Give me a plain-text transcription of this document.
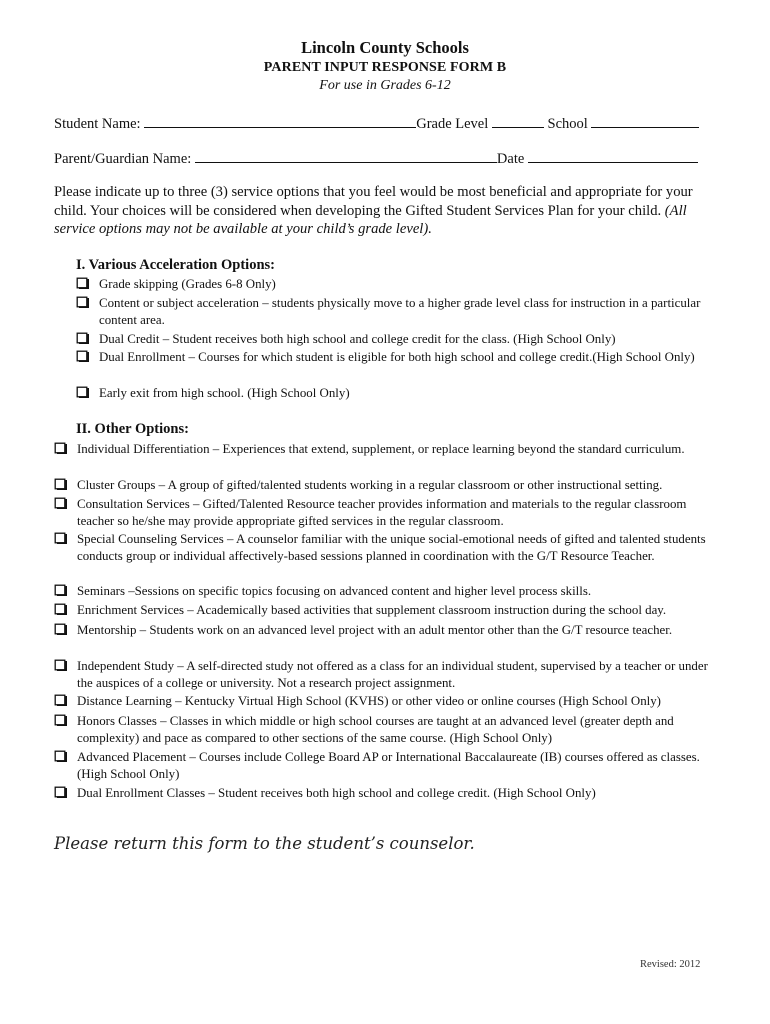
Lincoln County Schools
PARENT INPUT RESPONSE FORM B
For use in Grades 6-12
Student Name:	Grade Level	School
Parent/Guardian Name:	Date
Please indicate up to three (3) service options that you feel would be most beneficial and appropriate for your child. Your choices will be considered when developing the Gifted Student Services Plan for your child. (All service options may not be available at your child’s grade level).
I. Various Acceleration Options:
Grade skipping (Grades 6-8 Only)
Content or subject acceleration – students physically move to a higher grade level class for instruction in a particular content area.
Dual Credit – Student receives both high school and college credit for the class. (High School Only)
Dual Enrollment – Courses for which student is eligible for both high school and college credit.(High School Only)
Early exit from high school. (High School Only)
II. Other Options:
Individual Differentiation – Experiences that extend, supplement, or replace learning beyond the standard curriculum.
Cluster Groups – A group of gifted/talented students working in a regular classroom or other instructional setting.
Consultation Services – Gifted/Talented Resource teacher provides information and materials to the regular classroom teacher so he/she may provide appropriate gifted services in the regular classroom.
Special Counseling Services – A counselor familiar with the unique social-emotional needs of gifted and talented students conducts group or individual affectively-based sessions planned in coordination with the G/T Resource Teacher.
Seminars –Sessions on specific topics focusing on advanced content and higher level process skills.
Enrichment Services – Academically based activities that supplement classroom instruction during the school day.
Mentorship – Students work on an advanced level project with an adult mentor other than the G/T resource teacher.
Independent Study – A self-directed study not offered as a class for an individual student, supervised by a teacher or under the auspices of a college or university. Not a research project assignment.
Distance Learning – Kentucky Virtual High School (KVHS) or other video or online courses (High School Only)
Honors Classes – Classes in which middle or high school courses are taught at an advanced level (greater depth and complexity) and pace as compared to other sections of the same course. (High School Only)
Advanced Placement – Courses include College Board AP or International Baccalaureate (IB) courses offered as classes. (High School Only)
Dual Enrollment Classes – Student receives both high school and college credit. (High School Only)
Please return this form to the student’s counselor.
Revised: 2012
